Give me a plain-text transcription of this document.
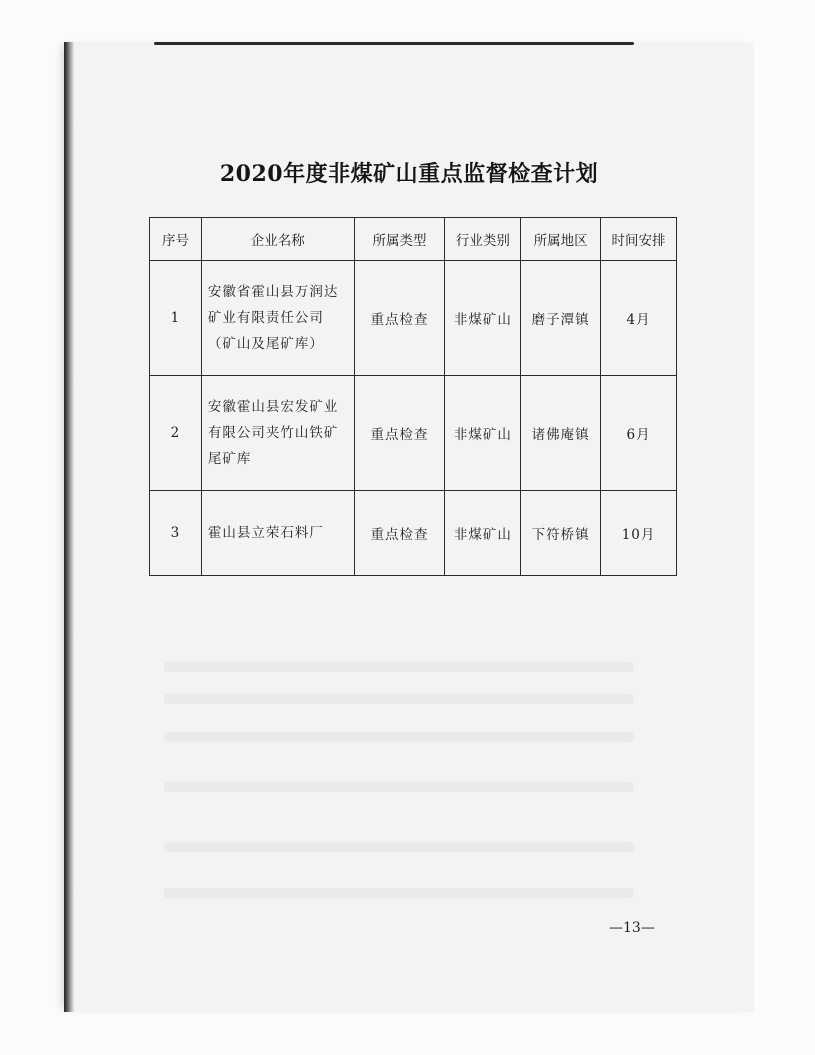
2020年度非煤矿山重点监督检查计划
序号	企业名称	所属类型	行业类别	所属地区	时间安排
1	安徽省霍山县万润达
矿业有限责任公司
（矿山及尾矿库）	重点检查	非煤矿山	磨子潭镇	4月
2	安徽霍山县宏发矿业
有限公司夹竹山铁矿
尾矿库	重点检查	非煤矿山	诸佛庵镇	6月
3	霍山县立荣石料厂	重点检查	非煤矿山	下符桥镇	10月
—13—
